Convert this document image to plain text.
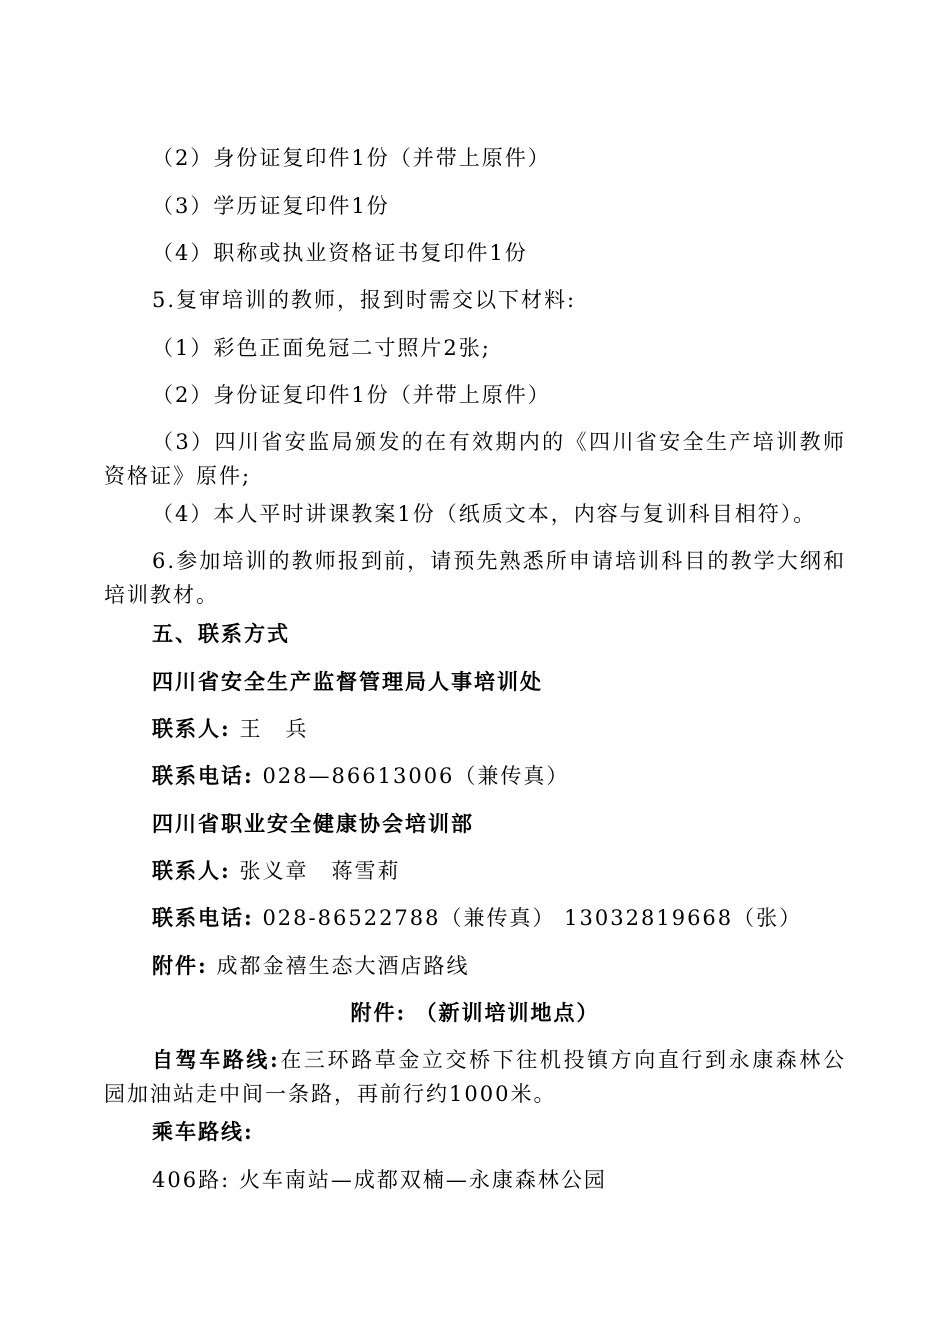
（2）身份证复印件1份（并带上原件）
（3）学历证复印件1份
（4）职称或执业资格证书复印件1份
5.复审培训的教师，报到时需交以下材料:
（1）彩色正面免冠二寸照片2张;
（2）身份证复印件1份（并带上原件）
（3）四川省安监局颁发的在有效期内的《四川省安全生产培训教师资格证》原件;
（4）本人平时讲课教案1份（纸质文本，内容与复训科目相符）。
6.参加培训的教师报到前，请预先熟悉所申请培训科目的教学大纲和培训教材。
五、联系方式
四川省安全生产监督管理局人事培训处
联系人: 王　兵
联系电话: 028—86613006（兼传真）
四川省职业安全健康协会培训部
联系人: 张义章　蒋雪莉
联系电话: 028-86522788（兼传真） 13032819668（张）
附件: 成都金禧生态大酒店路线
附件: （新训培训地点）
自驾车路线:在三环路草金立交桥下往机投镇方向直行到永康森林公园加油站走中间一条路，再前行约1000米。
乘车路线:
406路: 火车南站—成都双楠—永康森林公园
